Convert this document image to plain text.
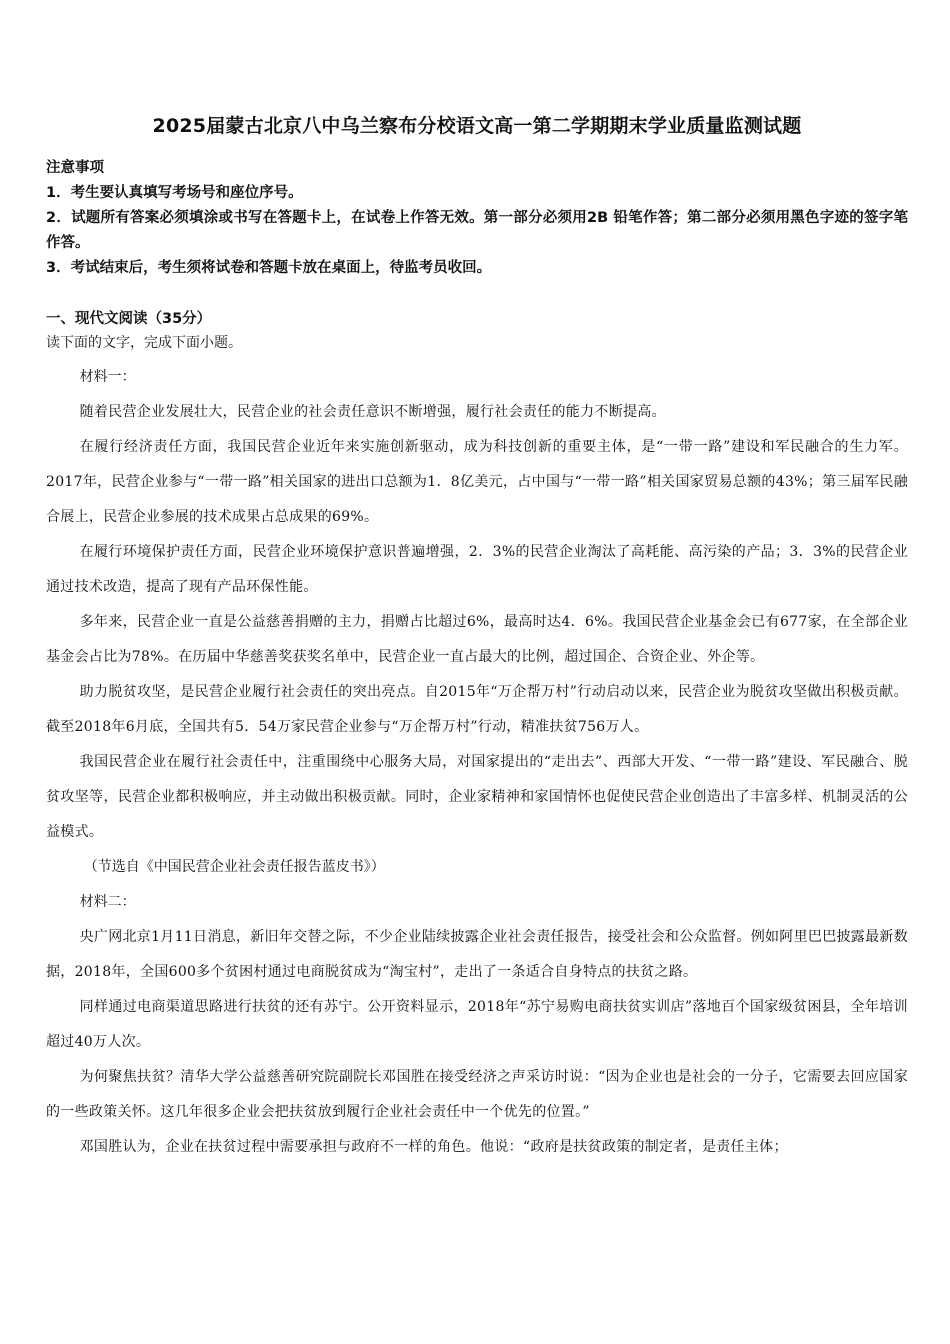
2025届蒙古北京八中乌兰察布分校语文高一第二学期期末学业质量监测试题
注意事项
1．考生要认真填写考场号和座位序号。
2．试题所有答案必须填涂或书写在答题卡上，在试卷上作答无效。第一部分必须用2B 铅笔作答；第二部分必须用黑色字迹的签字笔作答。
3．考试结束后，考生须将试卷和答题卡放在桌面上，待监考员收回。
一、现代文阅读（35分）
读下面的文字，完成下面小题。
材料一：
随着民营企业发展壮大，民营企业的社会责任意识不断增强，履行社会责任的能力不断提高。
在履行经济责任方面，我国民营企业近年来实施创新驱动，成为科技创新的重要主体，是“一带一路”建设和军民融合的生力军。2017年，民营企业参与“一带一路”相关国家的进出口总额为1．8亿美元，占中国与“一带一路”相关国家贸易总额的43%；第三届军民融合展上，民营企业参展的技术成果占总成果的69%。
在履行环境保护责任方面，民营企业环境保护意识普遍增强，2．3%的民营企业淘汰了高耗能、高污染的产品；3．3%的民营企业通过技术改造，提高了现有产品环保性能。
多年来，民营企业一直是公益慈善捐赠的主力，捐赠占比超过6%，最高时达4．6%。我国民营企业基金会已有677家，在全部企业基金会占比为78%。在历届中华慈善奖获奖名单中，民营企业一直占最大的比例，超过国企、合资企业、外企等。
助力脱贫攻坚，是民营企业履行社会责任的突出亮点。自2015年“万企帮万村”行动启动以来，民营企业为脱贫攻坚做出积极贡献。截至2018年6月底，全国共有5．54万家民营企业参与“万企帮万村”行动，精准扶贫756万人。
我国民营企业在履行社会责任中，注重围绕中心服务大局，对国家提出的“走出去”、西部大开发、“一带一路”建设、军民融合、脱贫攻坚等，民营企业都积极响应，并主动做出积极贡献。同时，企业家精神和家国情怀也促使民营企业创造出了丰富多样、机制灵活的公益模式。
（节选自《中国民营企业社会责任报告蓝皮书》）
材料二：
央广网北京1月11日消息，新旧年交替之际，不少企业陆续披露企业社会责任报告，接受社会和公众监督。例如阿里巴巴披露最新数据，2018年，全国600多个贫困村通过电商脱贫成为“淘宝村”，走出了一条适合自身特点的扶贫之路。
同样通过电商渠道思路进行扶贫的还有苏宁。公开资料显示，2018年“苏宁易购电商扶贫实训店”落地百个国家级贫困县，全年培训超过40万人次。
为何聚焦扶贫？清华大学公益慈善研究院副院长邓国胜在接受经济之声采访时说：“因为企业也是社会的一分子，它需要去回应国家的一些政策关怀。这几年很多企业会把扶贫放到履行企业社会责任中一个优先的位置。”
邓国胜认为，企业在扶贫过程中需要承担与政府不一样的角色。他说：“政府是扶贫政策的制定者，是责任主体；
